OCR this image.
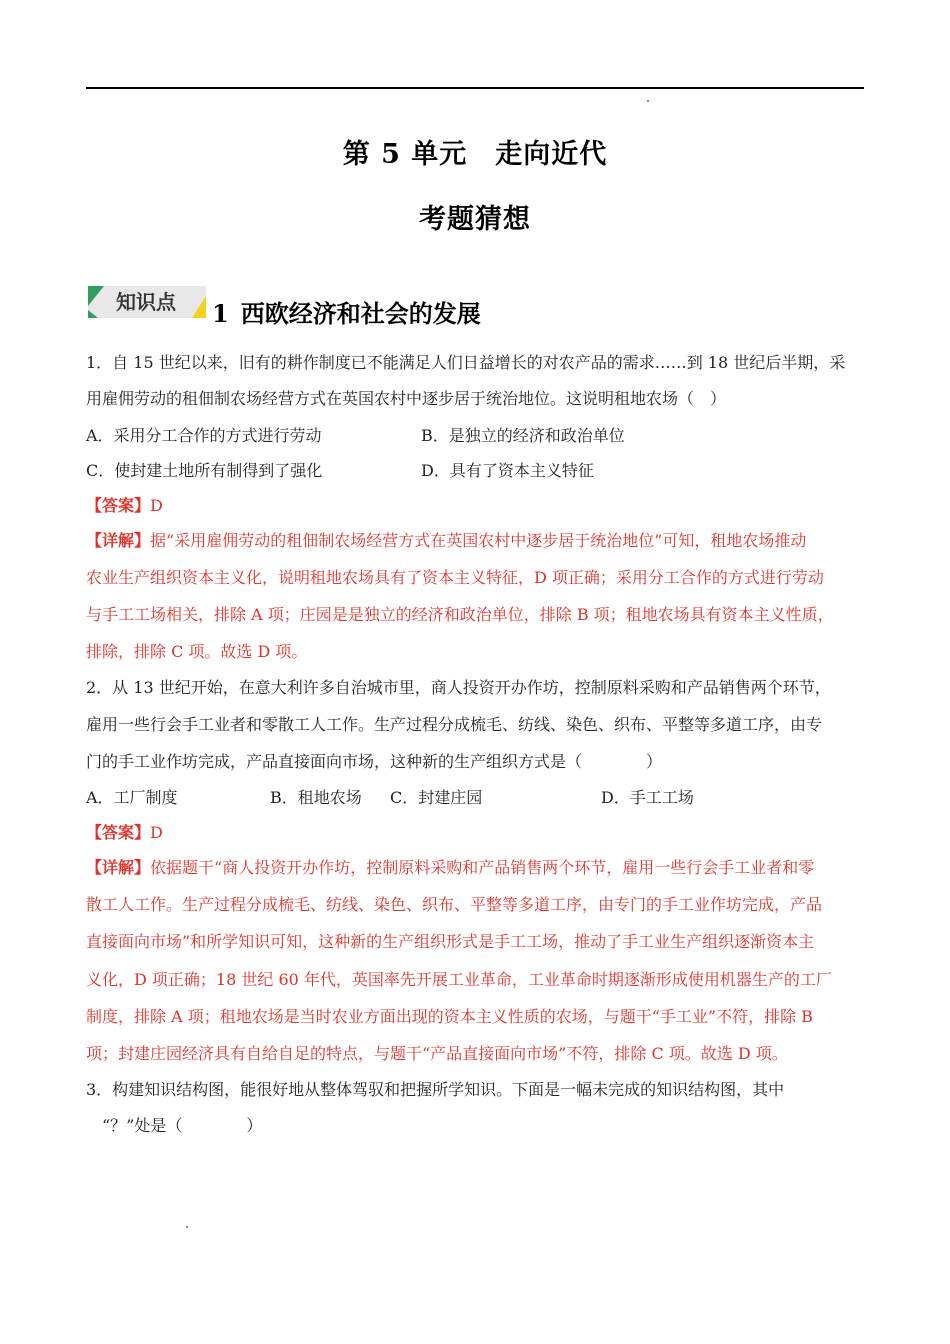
第 5 单元　走向近代
考题猜想
知识点 1 西欧经济和社会的发展
1．自 15 世纪以来，旧有的耕作制度已不能满足人们日益增长的对农产品的需求……到 18 世纪后半期，采
用雇佣劳动的租佃制农场经营方式在英国农村中逐步居于统治地位。这说明租地农场（　）
A．采用分工合作的方式进行劳动	B．是独立的经济和政治单位
C．使封建土地所有制得到了强化	D．具有了资本主义特征
【答案】D
【详解】据“采用雇佣劳动的租佃制农场经营方式在英国农村中逐步居于统治地位”可知，租地农场推动
农业生产组织资本主义化，说明租地农场具有了资本主义特征，D 项正确；采用分工合作的方式进行劳动
与手工工场相关，排除 A 项；庄园是是独立的经济和政治单位，排除 B 项；租地农场具有资本主义性质，
排除，排除 C 项。故选 D 项。
2．从 13 世纪开始，在意大利许多自治城市里，商人投资开办作坊，控制原料采购和产品销售两个环节，
雇用一些行会手工业者和零散工人工作。生产过程分成梳毛、纺线、染色、织布、平整等多道工序，由专
门的手工业作坊完成，产品直接面向市场，这种新的生产组织方式是（　　　　）
A．工厂制度	B．租地农场 C．封建庄园	D．手工工场
【答案】D
【详解】依据题干“商人投资开办作坊，控制原料采购和产品销售两个环节，雇用一些行会手工业者和零
散工人工作。生产过程分成梳毛、纺线、染色、织布、平整等多道工序，由专门的手工业作坊完成，产品
直接面向市场”和所学知识可知，这种新的生产组织形式是手工工场，推动了手工业生产组织逐渐资本主
义化，D 项正确；18 世纪 60 年代，英国率先开展工业革命，工业革命时期逐渐形成使用机器生产的工厂
制度，排除 A 项；租地农场是当时农业方面出现的资本主义性质的农场，与题干“手工业”不符，排除 B
项；封建庄园经济具有自给自足的特点，与题干“产品直接面向市场”不符，排除 C 项。故选 D 项。
3．构建知识结构图，能很好地从整体驾驭和把握所学知识。下面是一幅未完成的知识结构图，其中
　“？”处是（　　　　）
